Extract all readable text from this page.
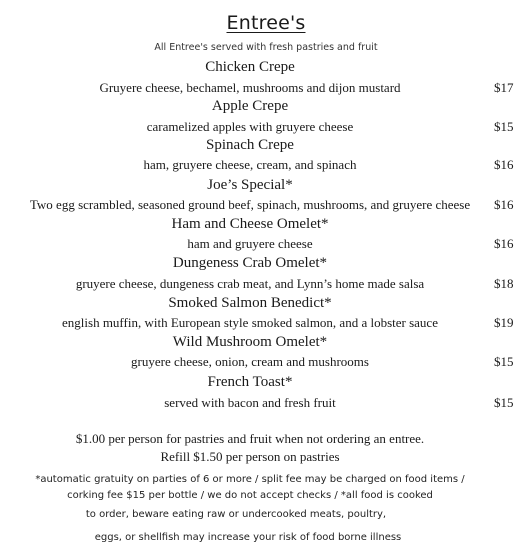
Entree's
All Entree's served with fresh pastries and fruit
Chicken Crepe
Gruyere cheese, bechamel, mushrooms and dijon mustard	$17
Apple Crepe
caramelized apples with gruyere cheese	$15
Spinach Crepe
ham, gruyere cheese, cream, and spinach	$16
Joe’s Special*
Two egg scrambled, seasoned ground beef, spinach, mushrooms, and gruyere cheese	$16
Ham and Cheese Omelet*
ham and gruyere cheese	$16
Dungeness Crab Omelet*
gruyere cheese, dungeness crab meat, and Lynn’s home made salsa	$18
Smoked Salmon Benedict*
english muffin, with European style smoked salmon, and a lobster sauce	$19
Wild Mushroom Omelet*
gruyere cheese, onion, cream and mushrooms	$15
French Toast*
served with bacon and fresh fruit	$15
$1.00 per person for pastries and fruit when not ordering an entree.
Refill $1.50 per person on pastries
*automatic gratuity on parties of 6 or more / split fee may be charged on food items /
corking fee $15 per bottle / we do not accept checks / *all food is cooked
to order, beware eating raw or undercooked meats, poultry,
eggs, or shellfish may increase your risk of food borne illness
